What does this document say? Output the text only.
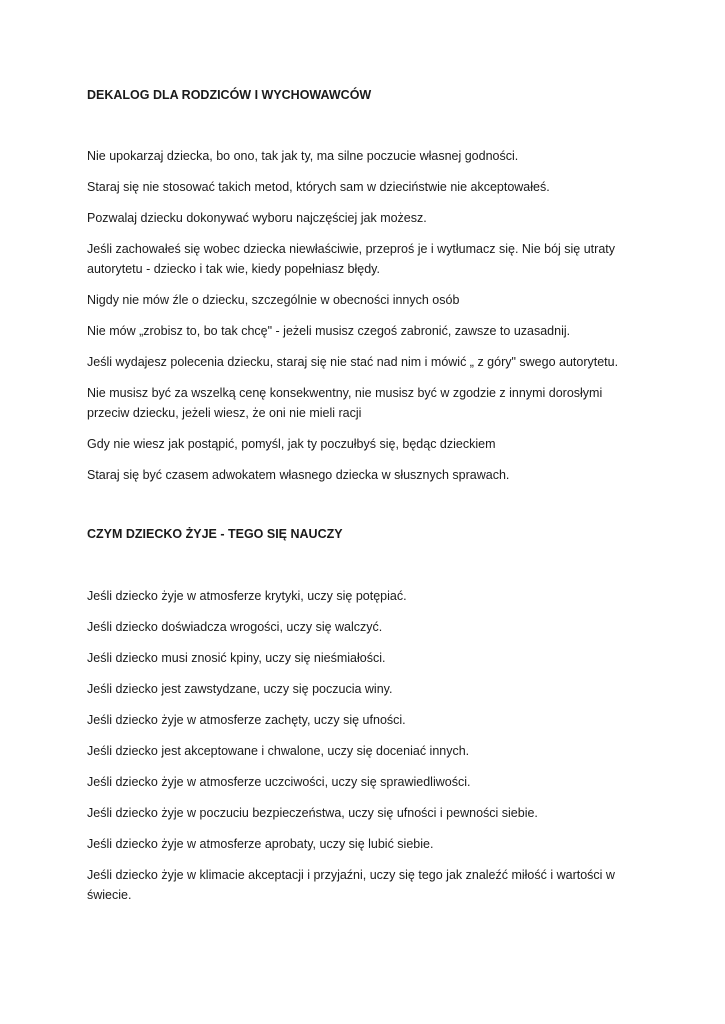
DEKALOG DLA RODZICÓW I WYCHOWAWCÓW

Nie upokarzaj dziecka, bo ono, tak jak ty, ma silne poczucie własnej godności.

Staraj się nie stosować takich metod, których sam w dzieciństwie nie akceptowałeś.

Pozwalaj dziecku dokonywać wyboru najczęściej jak możesz.

Jeśli zachowałeś się wobec dziecka niewłaściwie, przeproś je i wytłumacz się. Nie bój się utraty autorytetu - dziecko i tak wie, kiedy popełniasz błędy.

Nigdy nie mów źle o dziecku, szczególnie w obecności innych osób

Nie mów „zrobisz to, bo tak chcę" - jeżeli musisz czegoś zabronić, zawsze to uzasadnij.

Jeśli wydajesz polecenia dziecku, staraj się nie stać nad nim i mówić „ z góry" swego autorytetu.

Nie musisz być za wszelką cenę konsekwentny, nie musisz być w zgodzie z innymi dorosłymi przeciw dziecku, jeżeli wiesz, że oni nie mieli racji

Gdy nie wiesz jak postąpić, pomyśl, jak ty poczułbyś się, będąc dzieckiem

Staraj się być czasem adwokatem własnego dziecka w słusznych sprawach.

CZYM DZIECKO ŻYJE - TEGO SIĘ NAUCZY

Jeśli dziecko żyje w atmosferze krytyki, uczy się potępiać.

Jeśli dziecko doświadcza wrogości, uczy się walczyć.

Jeśli dziecko musi znosić kpiny, uczy się nieśmiałości.

Jeśli dziecko jest zawstydzane, uczy się poczucia winy.

Jeśli dziecko żyje w atmosferze zachęty, uczy się ufności.

Jeśli dziecko jest akceptowane i chwalone, uczy się doceniać innych.

Jeśli dziecko żyje w atmosferze uczciwości, uczy się sprawiedliwości.

Jeśli dziecko żyje w poczuciu bezpieczeństwa, uczy się ufności i pewności siebie.

Jeśli dziecko żyje w atmosferze aprobaty, uczy się lubić siebie.

Jeśli dziecko żyje w klimacie akceptacji i przyjaźni, uczy się tego jak znaleźć miłość i wartości w świecie.
